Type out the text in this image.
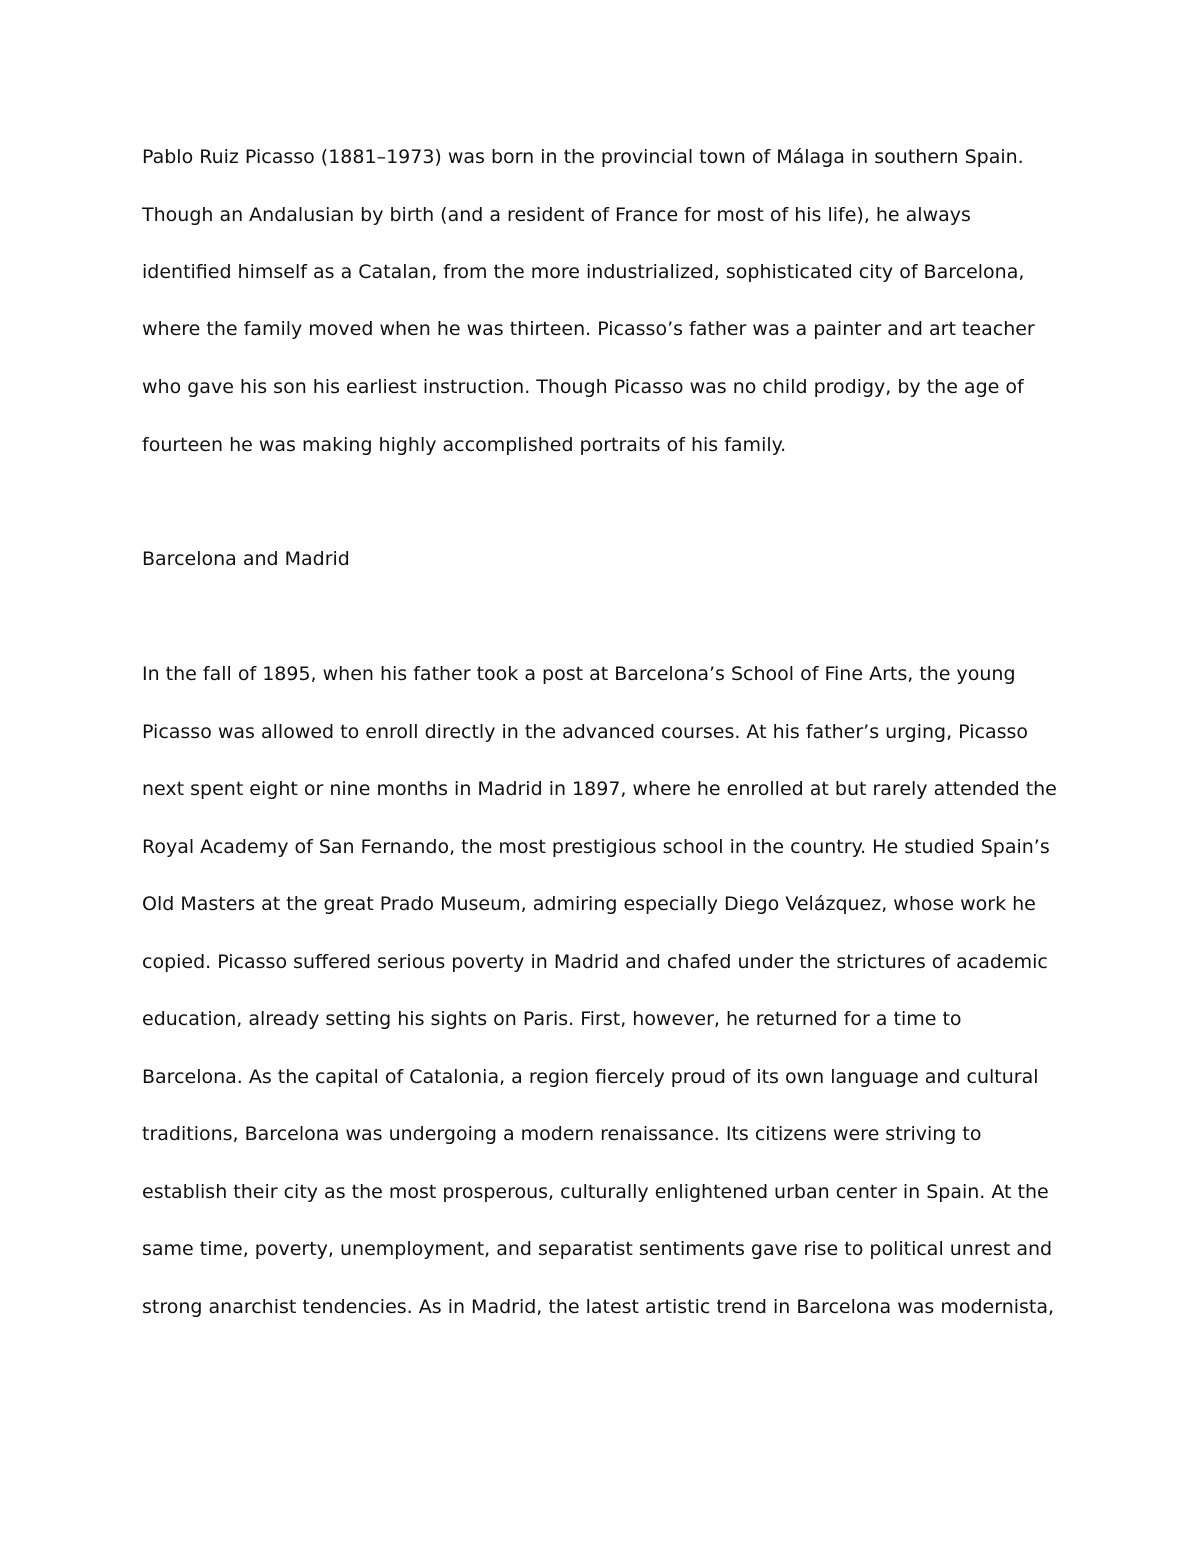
Pablo Ruiz Picasso (1881–1973) was born in the provincial town of Málaga in southern Spain.

Though an Andalusian by birth (and a resident of France for most of his life), he always

identified himself as a Catalan, from the more industrialized, sophisticated city of Barcelona,

where the family moved when he was thirteen. Picasso’s father was a painter and art teacher

who gave his son his earliest instruction. Though Picasso was no child prodigy, by the age of

fourteen he was making highly accomplished portraits of his family.

Barcelona and Madrid

In the fall of 1895, when his father took a post at Barcelona’s School of Fine Arts, the young

Picasso was allowed to enroll directly in the advanced courses. At his father’s urging, Picasso

next spent eight or nine months in Madrid in 1897, where he enrolled at but rarely attended the

Royal Academy of San Fernando, the most prestigious school in the country. He studied Spain’s

Old Masters at the great Prado Museum, admiring especially Diego Velázquez, whose work he

copied. Picasso suffered serious poverty in Madrid and chafed under the strictures of academic

education, already setting his sights on Paris. First, however, he returned for a time to

Barcelona. As the capital of Catalonia, a region fiercely proud of its own language and cultural

traditions, Barcelona was undergoing a modern renaissance. Its citizens were striving to

establish their city as the most prosperous, culturally enlightened urban center in Spain. At the

same time, poverty, unemployment, and separatist sentiments gave rise to political unrest and

strong anarchist tendencies. As in Madrid, the latest artistic trend in Barcelona was modernista,
